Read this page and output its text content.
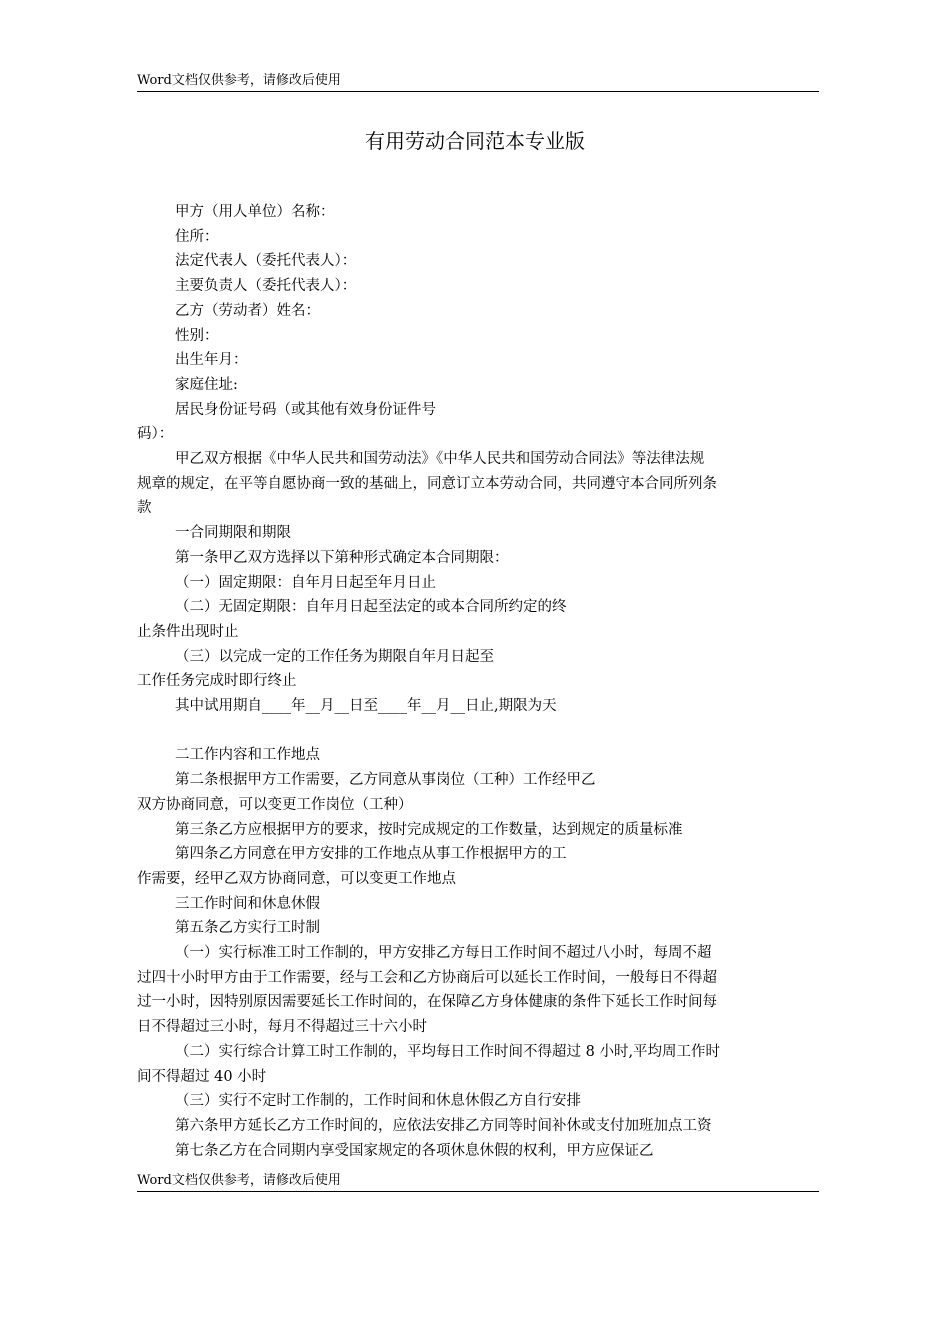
Word文档仅供参考，请修改后使用
有用劳动合同范本专业版
甲方（用人单位）名称：
住所：
法定代表人（委托代表人）：
主要负责人（委托代表人）：
乙方（劳动者）姓名：
性别：
出生年月：
家庭住址:
居民身份证号码（或其他有效身份证件号
码）：
甲乙双方根据《中华人民共和国劳动法》《中华人民共和国劳动合同法》等法律法规
规章的规定，在平等自愿协商一致的基础上，同意订立本劳动合同，共同遵守本合同所列条
款
一合同期限和期限
第一条甲乙双方选择以下第种形式确定本合同期限：
（一）固定期限：自年月日起至年月日止
（二）无固定期限：自年月日起至法定的或本合同所约定的终
止条件出现时止
（三）以完成一定的工作任务为期限自年月日起至
工作任务完成时即行终止
其中试用期自____年__月__日至____年__月__日止,期限为天
二工作内容和工作地点
第二条根据甲方工作需要，乙方同意从事岗位（工种）工作经甲乙
双方协商同意，可以变更工作岗位（工种）
第三条乙方应根据甲方的要求，按时完成规定的工作数量，达到规定的质量标准
第四条乙方同意在甲方安排的工作地点从事工作根据甲方的工
作需要，经甲乙双方协商同意，可以变更工作地点
三工作时间和休息休假
第五条乙方实行工时制
（一）实行标准工时工作制的，甲方安排乙方每日工作时间不超过八小时，每周不超
过四十小时甲方由于工作需要，经与工会和乙方协商后可以延长工作时间，一般每日不得超
过一小时，因特别原因需要延长工作时间的，在保障乙方身体健康的条件下延长工作时间每
日不得超过三小时，每月不得超过三十六小时
（二）实行综合计算工时工作制的，平均每日工作时间不得超过 8 小时,平均周工作时
间不得超过 40 小时
（三）实行不定时工作制的，工作时间和休息休假乙方自行安排
第六条甲方延长乙方工作时间的，应依法安排乙方同等时间补休或支付加班加点工资
第七条乙方在合同期内享受国家规定的各项休息休假的权利，甲方应保证乙
Word文档仅供参考，请修改后使用
